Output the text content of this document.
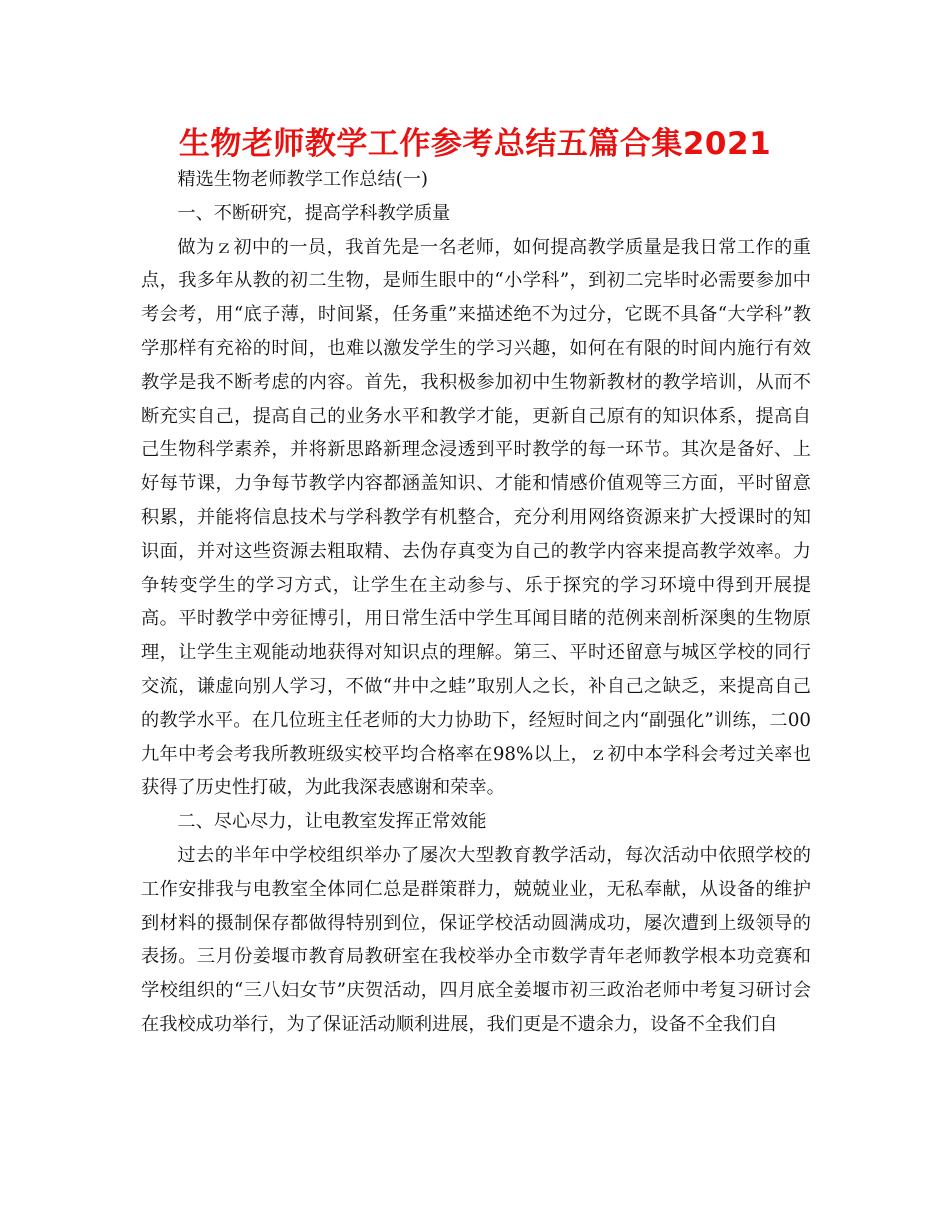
生物老师教学工作参考总结五篇合集2021

精选生物老师教学工作总结(一)

一、不断研究，提高学科教学质量

做为ｚ初中的一员，我首先是一名老师，如何提高教学质量是我日常工作的重点，我多年从教的初二生物，是师生眼中的“小学科”，到初二完毕时必需要参加中考会考，用“底子薄，时间紧，任务重”来描述绝不为过分，它既不具备“大学科”教学那样有充裕的时间，也难以激发学生的学习兴趣，如何在有限的时间内施行有效教学是我不断考虑的内容。首先，我积极参加初中生物新教材的教学培训，从而不断充实自己，提高自己的业务水平和教学才能，更新自己原有的知识体系，提高自己生物科学素养，并将新思路新理念浸透到平时教学的每一环节。其次是备好、上好每节课，力争每节教学内容都涵盖知识、才能和情感价值观等三方面，平时留意积累，并能将信息技术与学科教学有机整合，充分利用网络资源来扩大授课时的知识面，并对这些资源去粗取精、去伪存真变为自己的教学内容来提高教学效率。力争转变学生的学习方式，让学生在主动参与、乐于探究的学习环境中得到开展提高。平时教学中旁征博引，用日常生活中学生耳闻目睹的范例来剖析深奥的生物原理，让学生主观能动地获得对知识点的理解。第三、平时还留意与城区学校的同行交流，谦虚向别人学习，不做“井中之蛙”取别人之长，补自己之缺乏，来提高自己的教学水平。在几位班主任老师的大力协助下，经短时间之内“副强化”训练，二00九年中考会考我所教班级实校平均合格率在98%以上，ｚ初中本学科会考过关率也获得了历史性打破，为此我深表感谢和荣幸。

二、尽心尽力，让电教室发挥正常效能

过去的半年中学校组织举办了屡次大型教育教学活动，每次活动中依照学校的工作安排我与电教室全体同仁总是群策群力，兢兢业业，无私奉献，从设备的维护到材料的摄制保存都做得特别到位，保证学校活动圆满成功，屡次遭到上级领导的表扬。三月份姜堰市教育局教研室在我校举办全市数学青年老师教学根本功竞赛和学校组织的“三八妇女节”庆贺活动，四月底全姜堰市初三政治老师中考复习研讨会在我校成功举行，为了保证活动顺利进展，我们更是不遗余力，设备不全我们自
